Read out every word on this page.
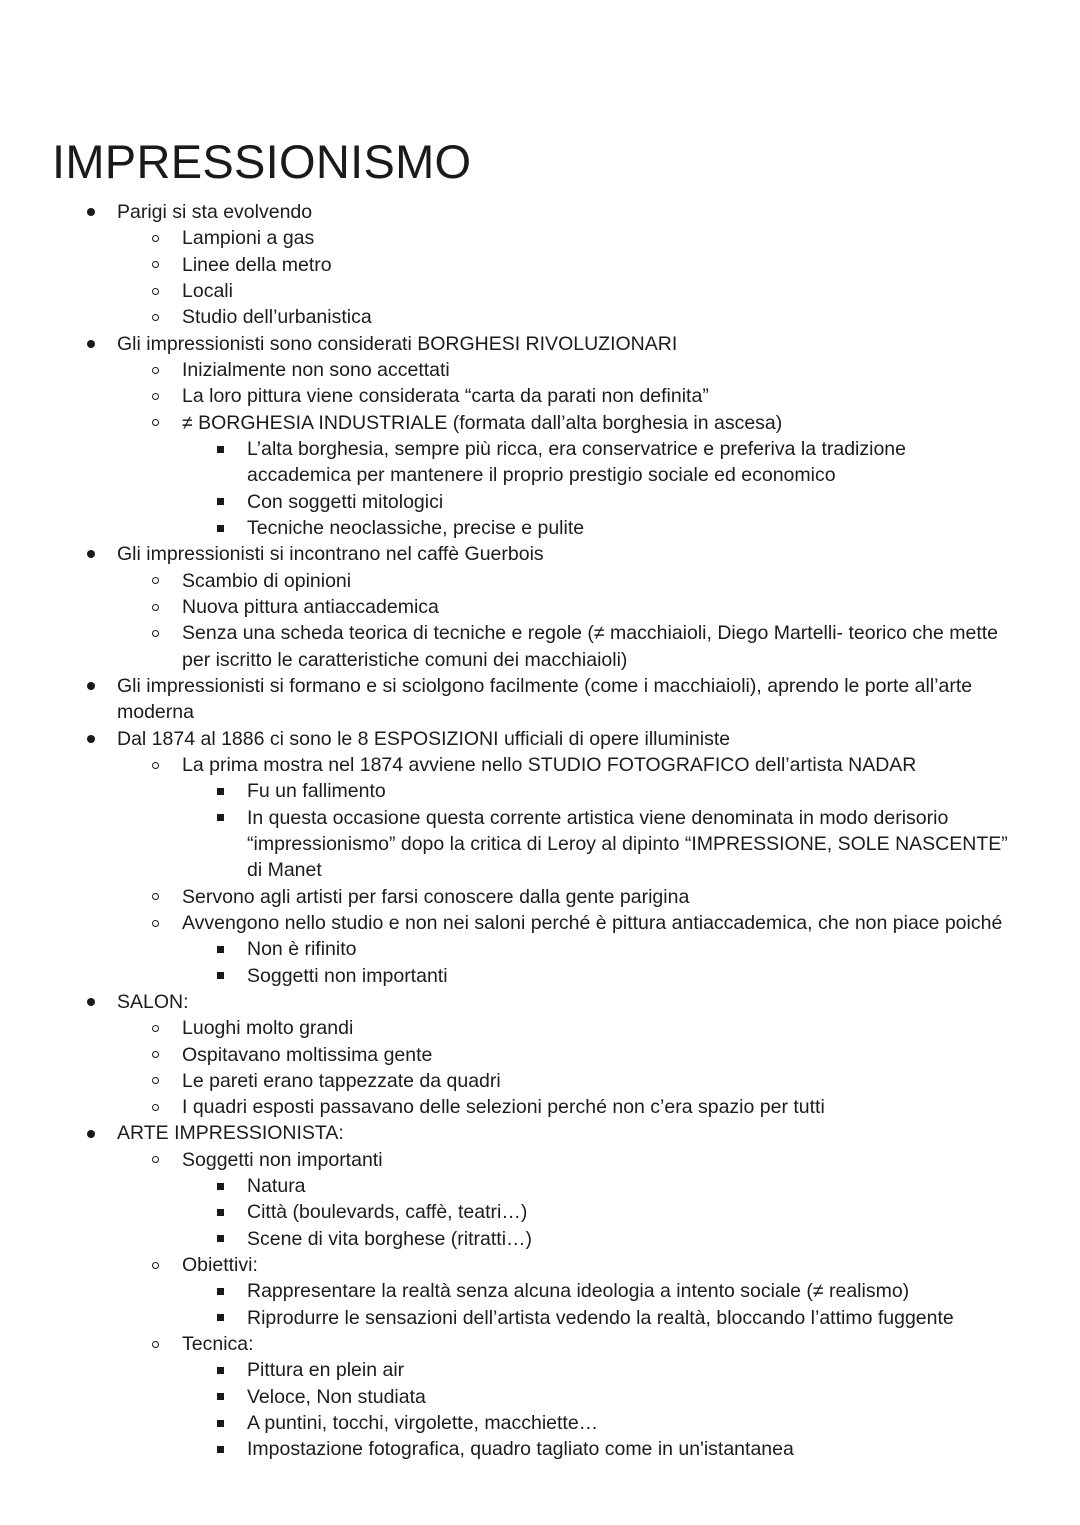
IMPRESSIONISMO
Parigi si sta evolvendo
Lampioni a gas
Linee della metro
Locali
Studio dell’urbanistica
Gli impressionisti sono considerati BORGHESI RIVOLUZIONARI
Inizialmente non sono accettati
La loro pittura viene considerata “carta da parati non definita”
≠ BORGHESIA INDUSTRIALE (formata dall’alta borghesia in ascesa)
L’alta borghesia, sempre più ricca, era conservatrice e preferiva la tradizione
accademica per mantenere il proprio prestigio sociale ed economico
Con soggetti mitologici
Tecniche neoclassiche, precise e pulite
Gli impressionisti si incontrano nel caffè Guerbois
Scambio di opinioni
Nuova pittura antiaccademica
Senza una scheda teorica di tecniche e regole (≠ macchiaioli, Diego Martelli- teorico che mette
per iscritto le caratteristiche comuni dei macchiaioli)
Gli impressionisti si formano e si sciolgono facilmente (come i macchiaioli), aprendo le porte all’arte
moderna
Dal 1874 al 1886 ci sono le 8 ESPOSIZIONI ufficiali di opere illuministe
La prima mostra nel 1874 avviene nello STUDIO FOTOGRAFICO dell’artista NADAR
Fu un fallimento
In questa occasione questa corrente artistica viene denominata in modo derisorio
“impressionismo” dopo la critica di Leroy al dipinto “IMPRESSIONE, SOLE NASCENTE”
di Manet
Servono agli artisti per farsi conoscere dalla gente parigina
Avvengono nello studio e non nei saloni perché è pittura antiaccademica, che non piace poiché
Non è rifinito
Soggetti non importanti
SALON:
Luoghi molto grandi
Ospitavano moltissima gente
Le pareti erano tappezzate da quadri
I quadri esposti passavano delle selezioni perché non c’era spazio per tutti
ARTE IMPRESSIONISTA:
Soggetti non importanti
Natura
Città (boulevards, caffè, teatri…)
Scene di vita borghese (ritratti…)
Obiettivi:
Rappresentare la realtà senza alcuna ideologia a intento sociale (≠ realismo)
Riprodurre le sensazioni dell’artista vedendo la realtà, bloccando l’attimo fuggente
Tecnica:
Pittura en plein air
Veloce, Non studiata
A puntini, tocchi, virgolette, macchiette…
Impostazione fotografica, quadro tagliato come in un'istantanea
